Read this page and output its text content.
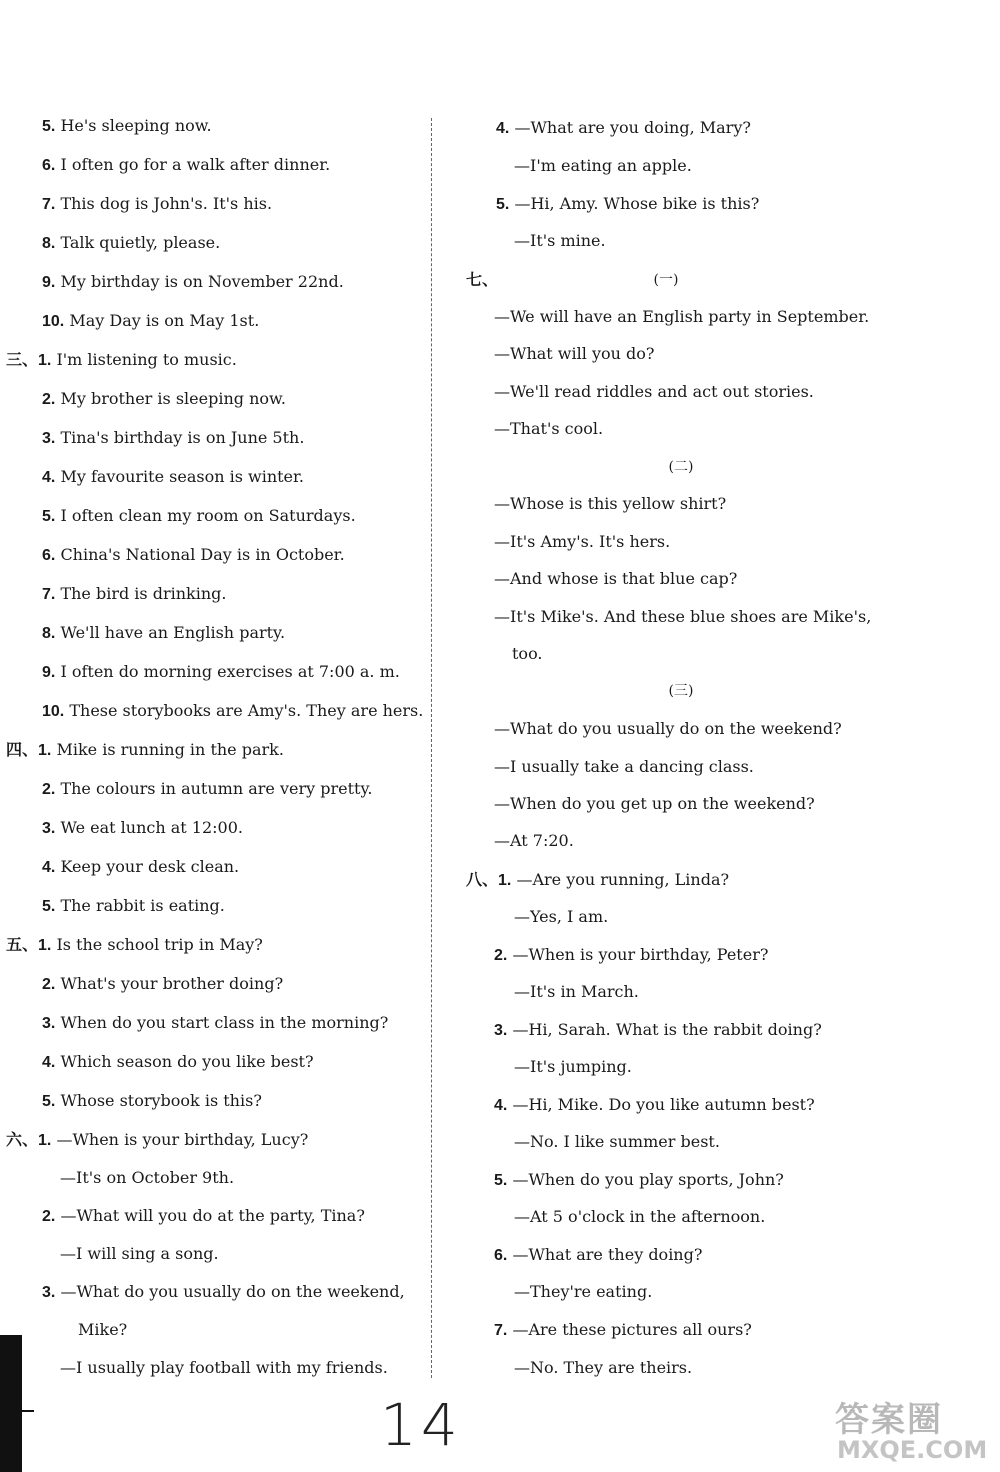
5. He's sleeping now.
6. I often go for a walk after dinner.
7. This dog is John's. It's his.
8. Talk quietly, please.
9. My birthday is on November 22nd.
10. May Day is on May 1st.
三、1. I'm listening to music.
2. My brother is sleeping now.
3. Tina's birthday is on June 5th.
4. My favourite season is winter.
5. I often clean my room on Saturdays.
6. China's National Day is in October.
7. The bird is drinking.
8. We'll have an English party.
9. I often do morning exercises at 7:00 a. m.
10. These storybooks are Amy's. They are hers.
四、1. Mike is running in the park.
2. The colours in autumn are very pretty.
3. We eat lunch at 12:00.
4. Keep your desk clean.
5. The rabbit is eating.
五、1. Is the school trip in May?
2. What's your brother doing?
3. When do you start class in the morning?
4. Which season do you like best?
5. Whose storybook is this?
六、1. —When is your birthday, Lucy?
—It's on October 9th.
2. —What will you do at the party, Tina?
—I will sing a song.
3. —What do you usually do on the weekend,
Mike?
—I usually play football with my friends.
4. —What are you doing, Mary?
—I'm eating an apple.
5. —Hi, Amy. Whose bike is this?
—It's mine.
七、	(一)
—We will have an English party in September.
—What will you do?
—We'll read riddles and act out stories.
—That's cool.
(二)
—Whose is this yellow shirt?
—It's Amy's. It's hers.
—And whose is that blue cap?
—It's Mike's. And these blue shoes are Mike's,
too.
(三)
—What do you usually do on the weekend?
—I usually take a dancing class.
—When do you get up on the weekend?
—At 7:20.
八、1. —Are you running, Linda?
—Yes, I am.
2. —When is your birthday, Peter?
—It's in March.
3. —Hi, Sarah. What is the rabbit doing?
—It's jumping.
4. —Hi, Mike. Do you like autumn best?
—No. I like summer best.
5. —When do you play sports, John?
—At 5 o'clock in the afternoon.
6. —What are they doing?
—They're eating.
7. —Are these pictures all ours?
—No. They are theirs.
14	答案圈
MXQE.COM
